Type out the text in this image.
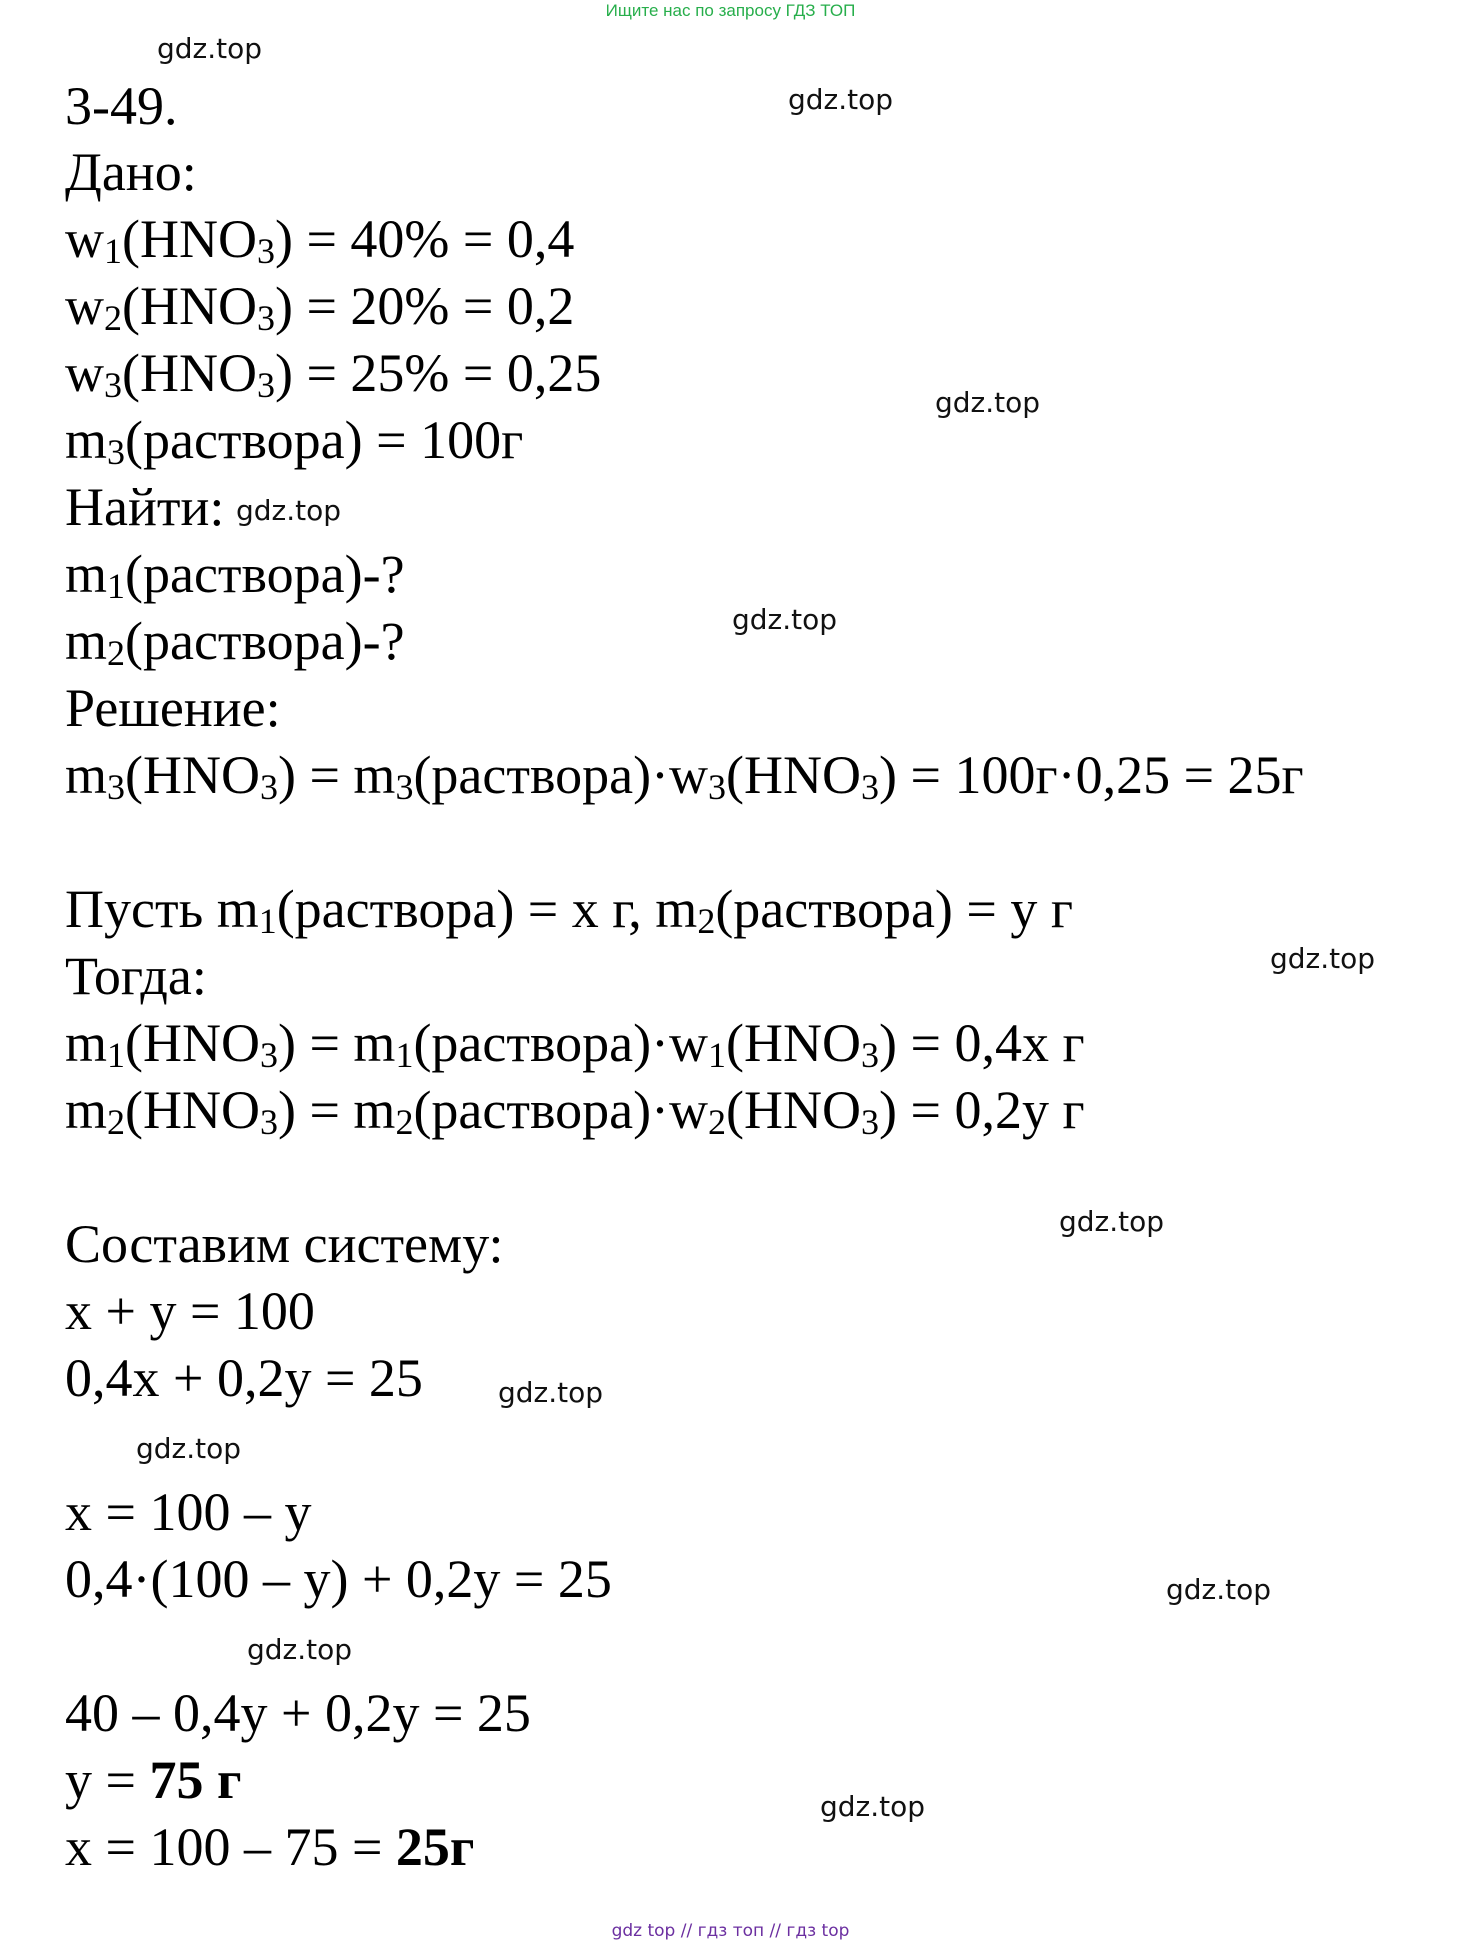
Ищите нас по запросу ГДЗ ТОП
gdz.top
gdz.top
gdz.top
gdz.top
gdz.top
gdz.top
gdz.top
gdz.top
gdz.top
gdz.top
gdz.top
gdz.top
3-49.
Дано:
$w_1(HNO_3) = 40\% = 0,4$
$w_2(HNO_3) = 20\% = 0,2$
$w_3(HNO_3) = 25\% = 0,25$
$m_3(раствора) = 100г$
Найти:
$m_1(раствора)-$?
$m_2(раствора)-$?
Решение:
$m_3(HNO_3)$ = $m_3(раствора)\cdot w_3(HNO_3) = 100г\cdot 0,25 = 25г$
Пусть $m_1(раствора) = x$ г, $m_2(раствора) = y$ г
Тогда:
$m_1(HNO_3)$ = $m_1(раствора)\cdot w_1(HNO_3) = 0,4x$ г
$m_2(HNO_3)$ = $m_2(раствора)\cdot w_2(HNO_3) = 0,2y$ г
Составим систему:
x + y = 100
0,4x + 0,2y = 25
x = 100 – y
0,4·(100 – y) + 0,2y = 25
40 – 0,4y + 0,2y = 25
y = 75 г
x = 100 – 75 = 25г
gdz top // гдз топ // гдз top
